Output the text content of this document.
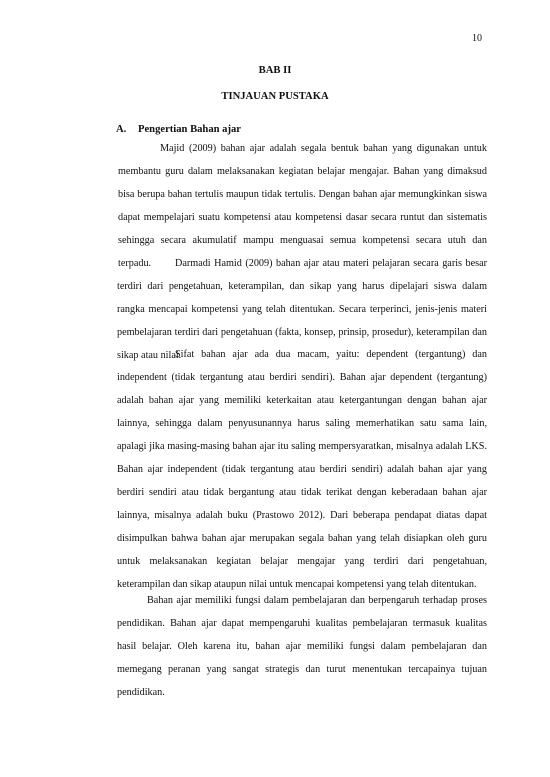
10
BAB II
TINJAUAN PUSTAKA
A. Pengertian Bahan ajar

Majid (2009) bahan ajar adalah segala bentuk bahan yang digunakan untuk membantu guru dalam melaksanakan kegiatan belajar mengajar. Bahan yang dimaksud bisa berupa bahan tertulis maupun tidak tertulis. Dengan bahan ajar memungkinkan siswa dapat mempelajari suatu kompetensi atau kompetensi dasar secara runtut dan sistematis sehingga secara akumulatif mampu menguasai semua kompetensi secara utuh dan terpadu.	Darmadi Hamid (2009) bahan ajar atau materi pelajaran secara garis besar terdiri dari pengetahuan, keterampilan, dan sikap yang harus dipelajari siswa dalam rangka mencapai kompetensi yang telah ditentukan. Secara terperinci, jenis-jenis materi pembelajaran terdiri dari pengetahuan (fakta, konsep, prinsip, prosedur), keterampilan dan sikap atau nilai.

Sifat bahan ajar ada dua macam, yaitu: dependent (tergantung) dan independent (tidak tergantung atau berdiri sendiri). Bahan ajar dependent (tergantung) adalah bahan ajar yang memiliki keterkaitan atau ketergantungan dengan bahan ajar lainnya, sehingga dalam penyusunannya harus saling memerhatikan satu sama lain, apalagi jika masing-masing bahan ajar itu saling mempersyaratkan, misalnya adalah LKS. Bahan ajar independent (tidak tergantung atau berdiri sendiri) adalah bahan ajar yang berdiri sendiri atau tidak bergantung atau tidak terikat dengan keberadaan bahan ajar lainnya, misalnya adalah buku (Prastowo 2012). Dari beberapa pendapat diatas dapat disimpulkan bahwa bahan ajar merupakan segala bahan yang telah disiapkan oleh guru untuk melaksanakan kegiatan belajar mengajar yang terdiri dari pengetahuan, keterampilan dan sikap ataupun nilai untuk mencapai kompetensi yang telah ditentukan.

Bahan ajar memiliki fungsi dalam pembelajaran dan berpengaruh terhadap proses pendidikan. Bahan ajar dapat mempengaruhi kualitas pembelajaran termasuk kualitas hasil belajar. Oleh karena itu, bahan ajar memiliki fungsi dalam pembelajaran dan memegang peranan yang sangat strategis dan turut menentukan tercapainya tujuan pendidikan.
